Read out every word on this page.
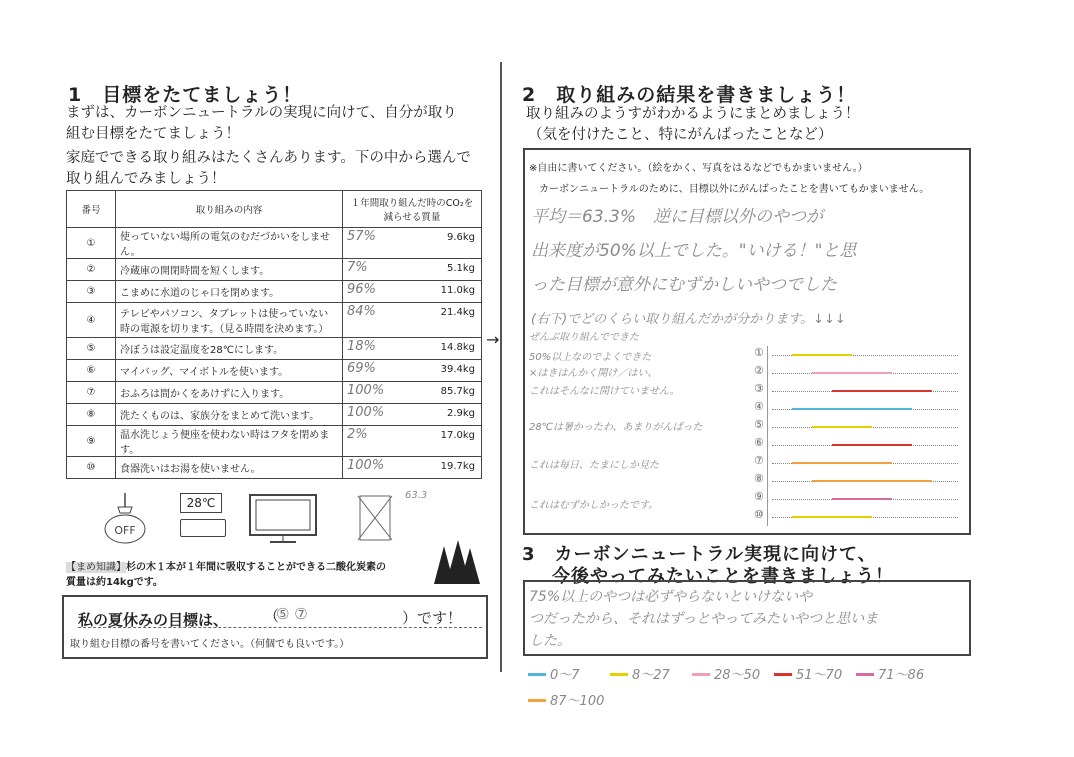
1　目標をたてましょう！
まずは、カーボンニュートラルの実現に向けて、自分が取り
組む目標をたてましょう！
家庭でできる取り組みはたくさんあります。下の中から選んで
取り組んでみましょう！
番号	取り組みの内容	１年間取り組んだ時のCO₂を減らせる質量
①	使っていない場所の電気のむだづかいをしません。	57% 9.6kg

②	冷蔵庫の開閉時間を短くします。	7% 5.1kg

③	こまめに水道のじゃ口を閉めます。	96% 11.0kg

④	テレビやパソコン、タブレットは使っていない時の電源を切ります。（見る時間を決めます。）	84% 21.4kg

⑤	冷ぼうは設定温度を28℃にします。	18% 14.8kg

⑥	マイバッグ、マイボトルを使います。	69% 39.4kg

⑦	おふろは間かくをあけずに入ります。	100% 85.7kg

⑧	洗たくものは、家族分をまとめて洗います。	100% 2.9kg

⑨	温水洗じょう便座を使わない時はフタを閉めます。	2% 17.0kg

⑩	食器洗いはお湯を使いません。	100% 19.7kg
OFF
28℃
63.3
【まめ知識】杉の木１本が１年間に吸収することができる二酸化炭素の
質量は約14kgです。
私の夏休みの目標は、 （
⑤ ⑦	）です！
取り組む目標の番号を書いてください。（何個でも良いです。）
→
2　取り組みの結果を書きましょう！
取り組みのようすがわかるようにまとめましょう！
（気を付けたこと、特にがんばったことなど）
※自由に書いてください。（絵をかく、写真をはるなどでもかまいません。）
カーボンニュートラルのために、目標以外にがんばったことを書いてもかまいません。
平均＝63.3%　逆に目標以外のやつが
出来度が50%以上でした。"いける！"と思
った目標が意外にむずかしいやつでした
(右下)でどのくらい取り組んだかが分かります。↓↓↓
ぜんぶ取り組んでできた
50%以上なのでよくできた
×はきはんかく開け／はい、
これはそんなに開けていません。
28℃は暑かったわ、あまりがんばった
これは毎日、たまにしか見た
これはむずかしかったです。
①
②
③
④
⑤
⑥
⑦
⑧
⑨
⑩
3　カーボンニュートラル実現に向けて、
今後やってみたいことを書きましょう！
75%以上のやつは必ずやらないといけないや
つだったから、それはずっとやってみたいやつと思いま
した。
0〜7	8〜27	28〜50	51〜70	71〜86
87〜100
